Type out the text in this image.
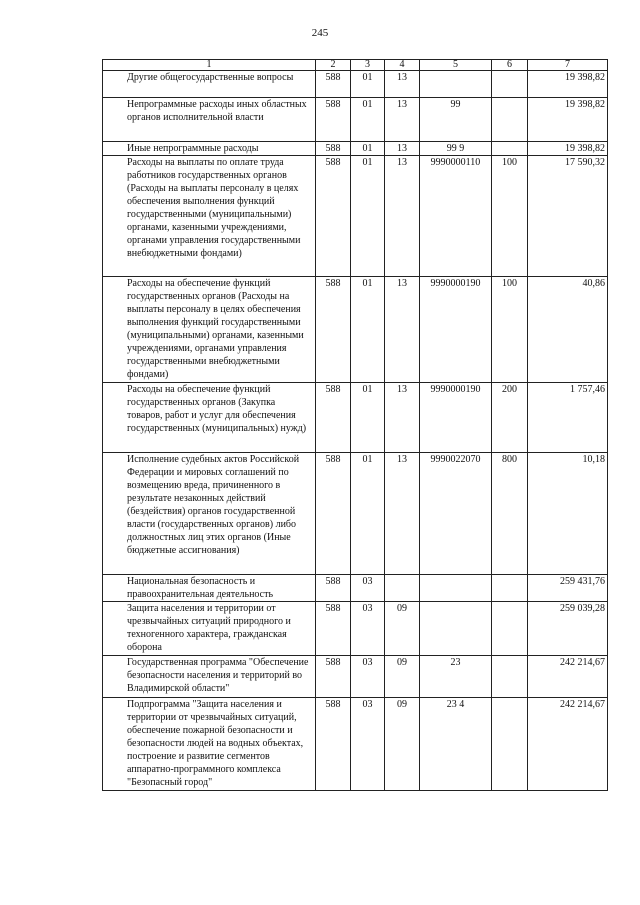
245
1	2	3	4	5	6	7

Другие общегосударственные вопросы	588	01	13			19 398,82

Непрограммные расходы иных областных органов исполнительной власти	588	01	13	99		19 398,82

Иные непрограммные расходы	588	01	13	99 9		19 398,82

Расходы на выплаты по оплате труда работников государственных органов (Расходы на выплаты персоналу в целях обеспечения выполнения функций государственными (муниципальными) органами, казенными учреждениями, органами управления государственными внебюджетными фондами)	588	01	13	9990000110	100	17 590,32

Расходы на обеспечение функций государственных органов (Расходы на выплаты персоналу в целях обеспечения выполнения функций государственными (муниципальными) органами, казенными учреждениями, органами управления государственными внебюджетными фондами)	588	01	13	9990000190	100	40,86

Расходы на обеспечение функций государственных органов (Закупка товаров, работ и услуг для обеспечения государственных (муниципальных) нужд)	588	01	13	9990000190	200	1 757,46

Исполнение судебных актов Российской Федерации и мировых соглашений по возмещению вреда, причиненного в результате незаконных действий (бездействия) органов государственной власти (государственных органов) либо должностных лиц этих органов (Иные бюджетные ассигнования)	588	01	13	9990022070	800	10,18

Национальная безопасность и правоохранительная деятельность	588	03				259 431,76

Защита населения и территории от чрезвычайных ситуаций природного и техногенного характера, гражданская оборона	588	03	09			259 039,28

Государственная программа "Обеспечение безопасности населения и территорий во Владимирской области"	588	03	09	23		242 214,67

Подпрограмма "Защита населения и территории от чрезвычайных ситуаций, обеспечение пожарной безопасности и безопасности людей на водных объектах, построение и развитие сегментов аппаратно-программного комплекса "Безопасный город"	588	03	09	23 4		242 214,67
